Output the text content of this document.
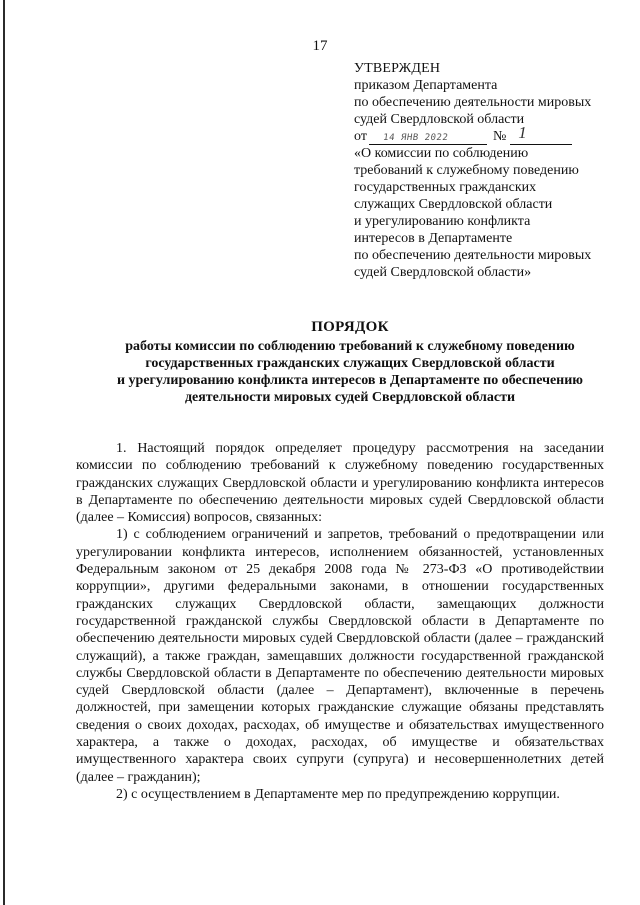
17
УТВЕРЖДЕН
приказом Департамента
по обеспечению деятельности мировых
судей Свердловской области
от 14 ЯНВ 2022	№ 1
«О комиссии по соблюдению
требований к служебному поведению
государственных гражданских
служащих Свердловской области
и урегулированию конфликта
интересов в Департаменте
по обеспечению деятельности мировых
судей Свердловской области»
ПОРЯДОК
работы комиссии по соблюдению требований к служебному поведению
государственных гражданских служащих Свердловской области
и урегулированию конфликта интересов в Департаменте по обеспечению
деятельности мировых судей Свердловской области

1. Настоящий порядок определяет процедуру рассмотрения на заседании комиссии по соблюдению требований к служебному поведению государственных гражданских служащих Свердловской области и урегулированию конфликта интересов в Департаменте по обеспечению деятельности мировых судей Свердловской области (далее – Комиссия) вопросов, связанных:

1) с соблюдением ограничений и запретов, требований о предотвращении или урегулировании конфликта интересов, исполнением обязанностей, установленных Федеральным законом от 25 декабря 2008 года № 273-ФЗ «О противодействии коррупции», другими федеральными законами, в отношении государственных гражданских служащих Свердловской области, замещающих должности государственной гражданской службы Свердловской области в Департаменте по обеспечению деятельности мировых судей Свердловской области (далее – гражданский служащий), а также граждан, замещавших должности государственной гражданской службы Свердловской области в Департаменте по обеспечению деятельности мировых судей Свердловской области (далее – Департамент), включенные в перечень должностей, при замещении которых гражданские служащие обязаны представлять сведения о своих доходах, расходах, об имуществе и обязательствах имущественного характера, а также о доходах, расходах, об имуществе и обязательствах имущественного характера своих супруги (супруга) и несовершеннолетних детей (далее – гражданин);

2) с осуществлением в Департаменте мер по предупреждению коррупции.
